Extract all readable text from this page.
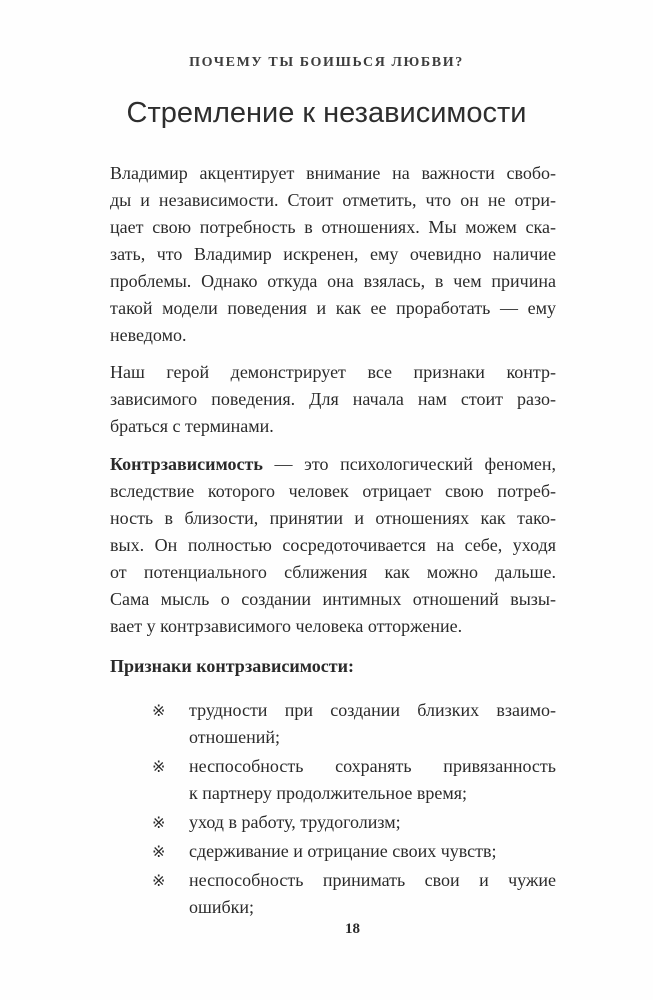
ПОЧЕМУ ТЫ БОИШЬСЯ ЛЮБВИ?
Стремление к независимости
Владимир акцентирует внимание на важности свобо-
ды и независимости. Стоит отметить, что он не отри-
цает свою потребность в отношениях. Мы можем ска-
зать, что Владимир искренен, ему очевидно наличие
проблемы. Однако откуда она взялась, в чем причина
такой модели поведения и как ее проработать — ему
неведомо.
Наш герой демонстрирует все признаки контр-
зависимого поведения. Для начала нам стоит разо-
браться с терминами.
Контрзависимость — это психологический феномен,
вследствие которого человек отрицает свою потреб-
ность в близости, принятии и отношениях как тако-
вых. Он полностью сосредоточивается на себе, уходя
от потенциального сближения как можно дальше.
Сама мысль о создании интимных отношений вызы-
вает у контрзависимого человека отторжение.
Признаки контрзависимости:
※ трудности при создании близких взаимо-
отношений;
※ неспособность сохранять привязанность
к партнеру продолжительное время;
※ уход в работу, трудоголизм;
※ сдерживание и отрицание своих чувств;
※ неспособность принимать свои и чужие
ошибки;
18
